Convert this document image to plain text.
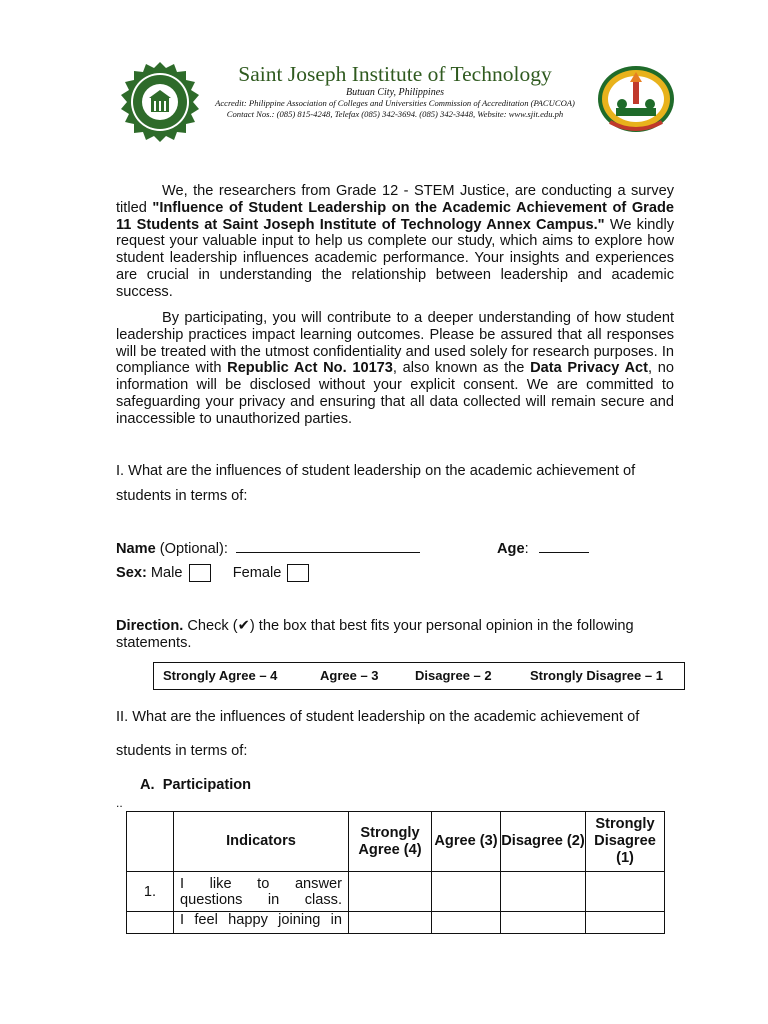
Saint Joseph Institute of Technology
Butuan City, Philippines
Accredit: Philippine Association of Colleges and Universities Commission of Accreditation (PACUCOA)
Contact Nos.: (085) 815-4248, Telefax (085) 342-3694. (085) 342-3448, Website: www.sjit.edu.ph
We, the researchers from Grade 12 - STEM Justice, are conducting a survey titled "Influence of Student Leadership on the Academic Achievement of Grade 11 Students at Saint Joseph Institute of Technology Annex Campus." We kindly request your valuable input to help us complete our study, which aims to explore how student leadership influences academic performance. Your insights and experiences are crucial in understanding the relationship between leadership and academic success.
By participating, you will contribute to a deeper understanding of how student leadership practices impact learning outcomes. Please be assured that all responses will be treated with the utmost confidentiality and used solely for research purposes. In compliance with Republic Act No. 10173, also known as the Data Privacy Act, no information will be disclosed without your explicit consent. We are committed to safeguarding your privacy and ensuring that all data collected will remain secure and inaccessible to unauthorized parties.
I. What are the influences of student leadership on the academic achievement of
students in terms of:
Name (Optional):	Age:
Sex: Male	Female
Direction. Check (✔) the box that best fits your personal opinion in the following statements.
Strongly Agree – 4	Agree – 3	Disagree – 2	Strongly Disagree – 1
II. What are the influences of student leadership on the academic achievement of
students in terms of:
A. Participation
..
	Indicators	Strongly Agree (4)	Agree (3)	Disagree (2)	Strongly Disagree (1)
1.	I like to answer questions in class.				

	I feel happy joining in				
